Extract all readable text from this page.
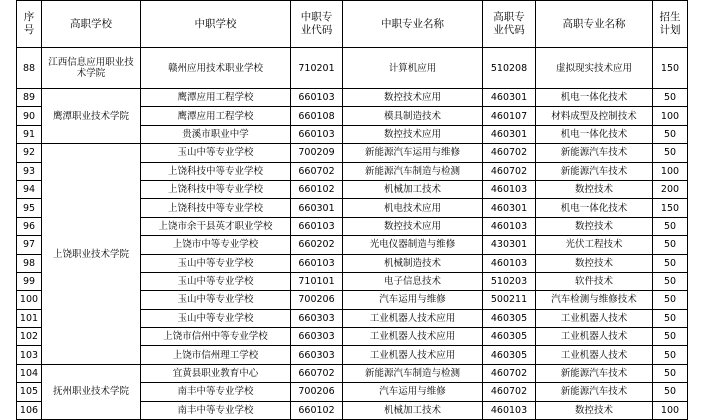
序号	高职学校	中职学校	中职专业代码	中职专业名称	高职专业代码	高职专业名称	招生计划
88	江西信息应用职业技术学院	赣州应用技术职业学校	710201	计算机应用	510208	虚拟现实技术应用	150
89	鹰潭职业技术学院	鹰潭应用工程学校	660103	数控技术应用	460301	机电一体化技术	50
90		鹰潭应用工程学校	660108	模具制造技术	460107	材料成型及控制技术	100
91		贵溪市职业中学	660103	数控技术应用	460301	机电一体化技术	50
92	上饶职业技术学院	玉山中等专业学校	700209	新能源汽车运用与维修	460702	新能源汽车技术	50
93		上饶科技中等专业学校	660702	新能源汽车制造与检测	460702	新能源汽车技术	100
94		上饶科技中等专业学校	660102	机械加工技术	460103	数控技术	200
95		上饶科技中等专业学校	660301	机电技术应用	460301	机电一体化技术	150
96		上饶市余干县英才职业学校	660103	数控技术应用	460103	数控技术	50
97		上饶市中等专业学校	660202	光电仪器制造与维修	430301	光伏工程技术	50
98		玉山中等专业学校	660103	机械制造技术	460103	数控技术	50
99		玉山中等专业学校	710101	电子信息技术	510203	软件技术	50
100		玉山中等专业学校	700206	汽车运用与维修	500211	汽车检测与维修技术	50
101		玉山中等专业学校	660303	工业机器人技术应用	460305	工业机器人技术	50
102		上饶市信州中等专业学校	660303	工业机器人技术应用	460305	工业机器人技术	50
103		上饶市信州理工学校	660303	工业机器人技术应用	460305	工业机器人技术	50
104	抚州职业技术学院	宜黄县职业教育中心	660702	新能源汽车制造与检测	460702	新能源汽车技术	50
105		南丰中等专业学校	700206	汽车运用与维修	460702	新能源汽车技术	50
106		南丰中等专业学校	660102	机械加工技术	460103	数控技术	100
